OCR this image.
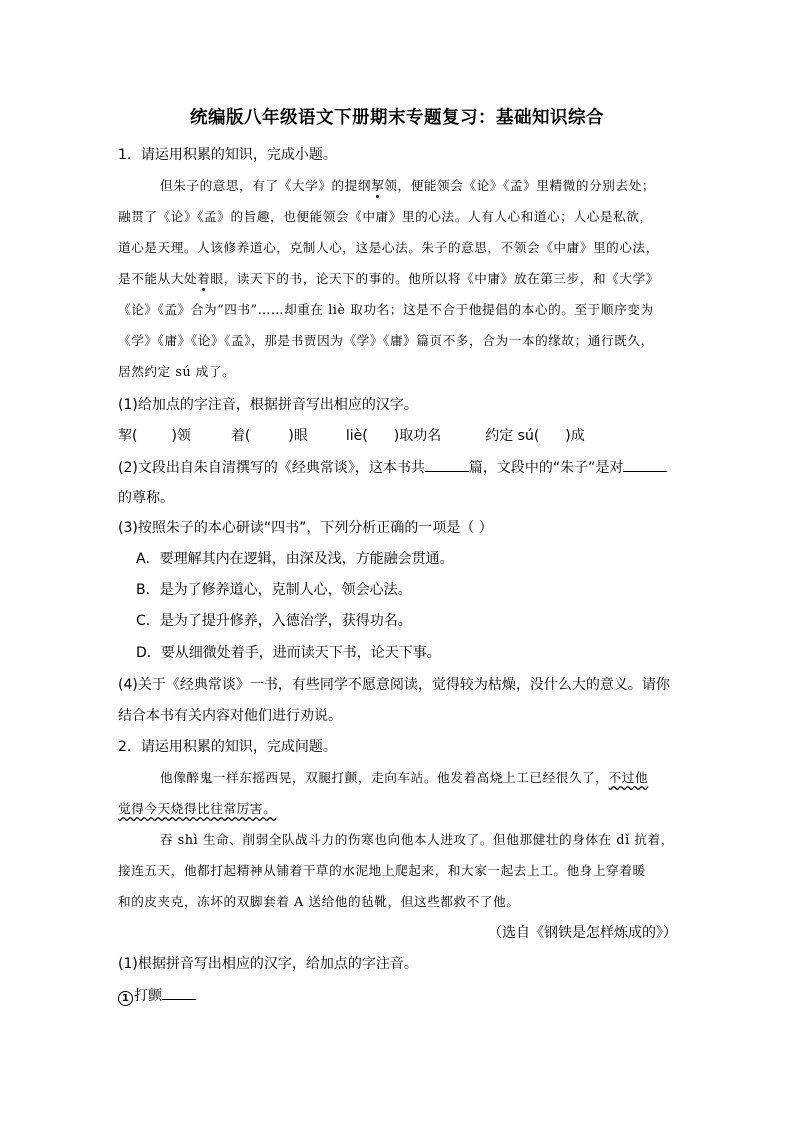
统编版八年级语文下册期末专题复习：基础知识综合
1．请运用积累的知识，完成小题。
但朱子的意思，有了《大学》的提纲挈领，便能领会《论》《孟》里精微的分别去处；
融贯了《论》《孟》的旨趣，也便能领会《中庸》里的心法。人有人心和道心；人心是私欲，
道心是天理。人该修养道心，克制人心，这是心法。朱子的意思，不领会《中庸》里的心法，
是不能从大处着眼，读天下的书，论天下的事的。他所以将《中庸》放在第三步，和《大学》
《论》《孟》合为“四书”……却重在 liè 取功名；这是不合于他提倡的本心的。至于顺序变为
《学》《庸》《论》《孟》，那是书贾因为《学》《庸》篇页不多，合为一本的缘故；通行既久，
居然约定 sú 成了。
(1)给加点的字注音，根据拼音写出相应的汉字。
挈( )领	着(	)眼	liè( )取功名	约定 sú( )成
(2)文段出自朱自清撰写的《经典常谈》，这本书共	篇，文段中的“朱子”是对
的尊称。
(3)按照朱子的本心研读“四书”，下列分析正确的一项是（ ）
A．要理解其内在逻辑，由深及浅，方能融会贯通。
B．是为了修养道心，克制人心，领会心法。
C．是为了提升修养，入德治学，获得功名。
D．要从细微处着手，进而读天下书，论天下事。
(4)关于《经典常谈》一书，有些同学不愿意阅读，觉得较为枯燥，没什么大的意义。请你
结合本书有关内容对他们进行劝说。
2．请运用积累的知识，完成问题。
他像醉鬼一样东摇西晃，双腿打颤，走向车站。他发着高烧上工已经很久了，不过他
觉得今天烧得比往常厉害。
吞 shì 生命、削弱全队战斗力的伤寒也向他本人进攻了。但他那健壮的身体在 dǐ 抗着，
接连五天，他都打起精神从铺着干草的水泥地上爬起来，和大家一起去上工。他身上穿着暖
和的皮夹克，冻坏的双脚套着 A 送给他的毡靴，但这些都救不了他。
（选自《钢铁是怎样炼成的》）
(1)根据拼音写出相应的汉字，给加点的字注音。
1 打颤
